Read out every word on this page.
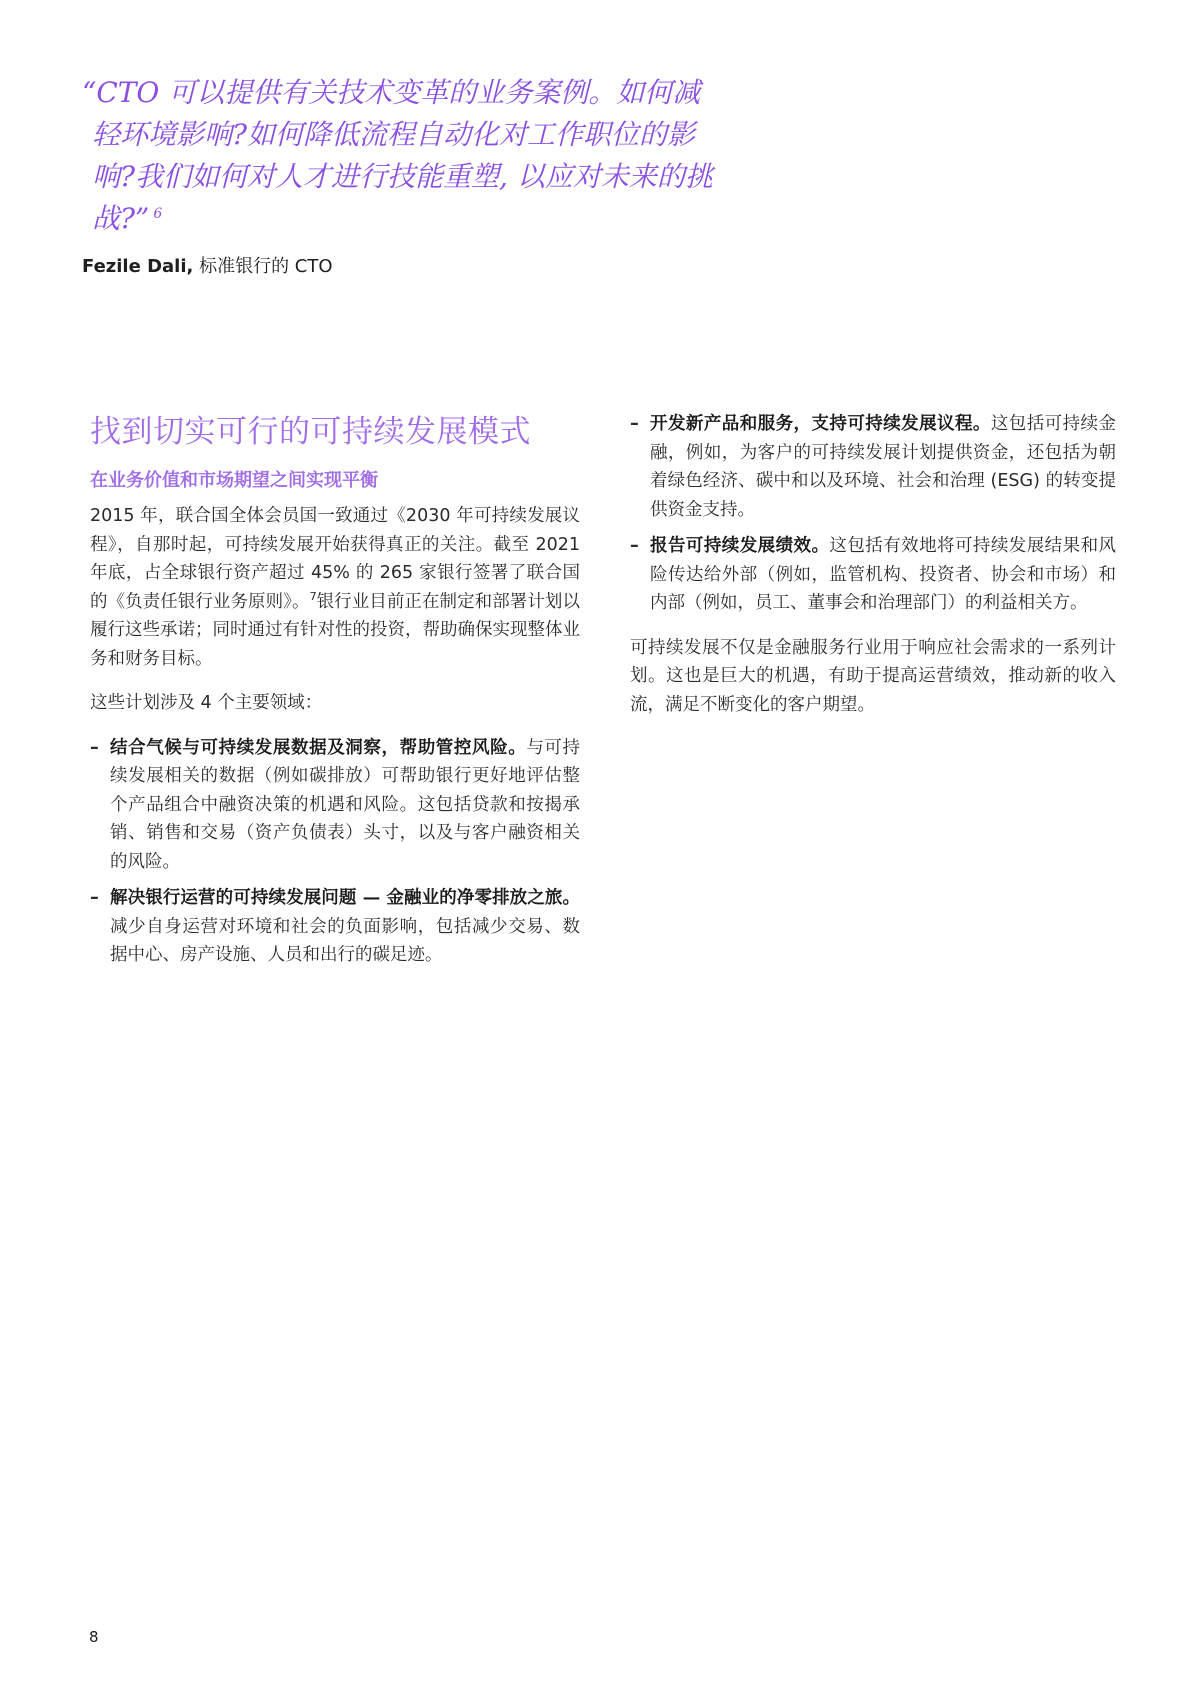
“CTO 可以提供有关技术变革的业务案例。如何减轻环境影响?如何降低流程自动化对工作职位的影响?我们如何对人才进行技能重塑, 以应对未来的挑战?” $^6$

Fezile Dali, 标准银行的 CTO
找到切实可行的可持续发展模式
在业务价值和市场期望之间实现平衡

2015 年，联合国全体会员国一致通过《2030 年可持续发展议程》，自那时起，可持续发展开始获得真正的关注。截至 2021 年底，占全球银行资产超过 45% 的 265 家银行签署了联合国的《负责任银行业务原则》。$^7$银行业目前正在制定和部署计划以履行这些承诺；同时通过有针对性的投资，帮助确保实现整体业务和财务目标。

这些计划涉及 4 个主要领域：

– 结合气候与可持续发展数据及洞察，帮助管控风险。与可持续发展相关的数据（例如碳排放）可帮助银行更好地评估整个产品组合中融资决策的机遇和风险。这包括贷款和按揭承销、销售和交易（资产负债表）头寸，以及与客户融资相关的风险。
– 解决银行运营的可持续发展问题 — 金融业的净零排放之旅。减少自身运营对环境和社会的负面影响，包括减少交易、数据中心、房产设施、人员和出行的碳足迹。
– 开发新产品和服务，支持可持续发展议程。这包括可持续金融，例如，为客户的可持续发展计划提供资金，还包括为朝着绿色经济、碳中和以及环境、社会和治理 (ESG) 的转变提供资金支持。
– 报告可持续发展绩效。这包括有效地将可持续发展结果和风险传达给外部（例如，监管机构、投资者、协会和市场）和内部（例如，员工、董事会和治理部门）的利益相关方。

可持续发展不仅是金融服务行业用于响应社会需求的一系列计划。这也是巨大的机遇，有助于提高运营绩效，推动新的收入流，满足不断变化的客户期望。

8
